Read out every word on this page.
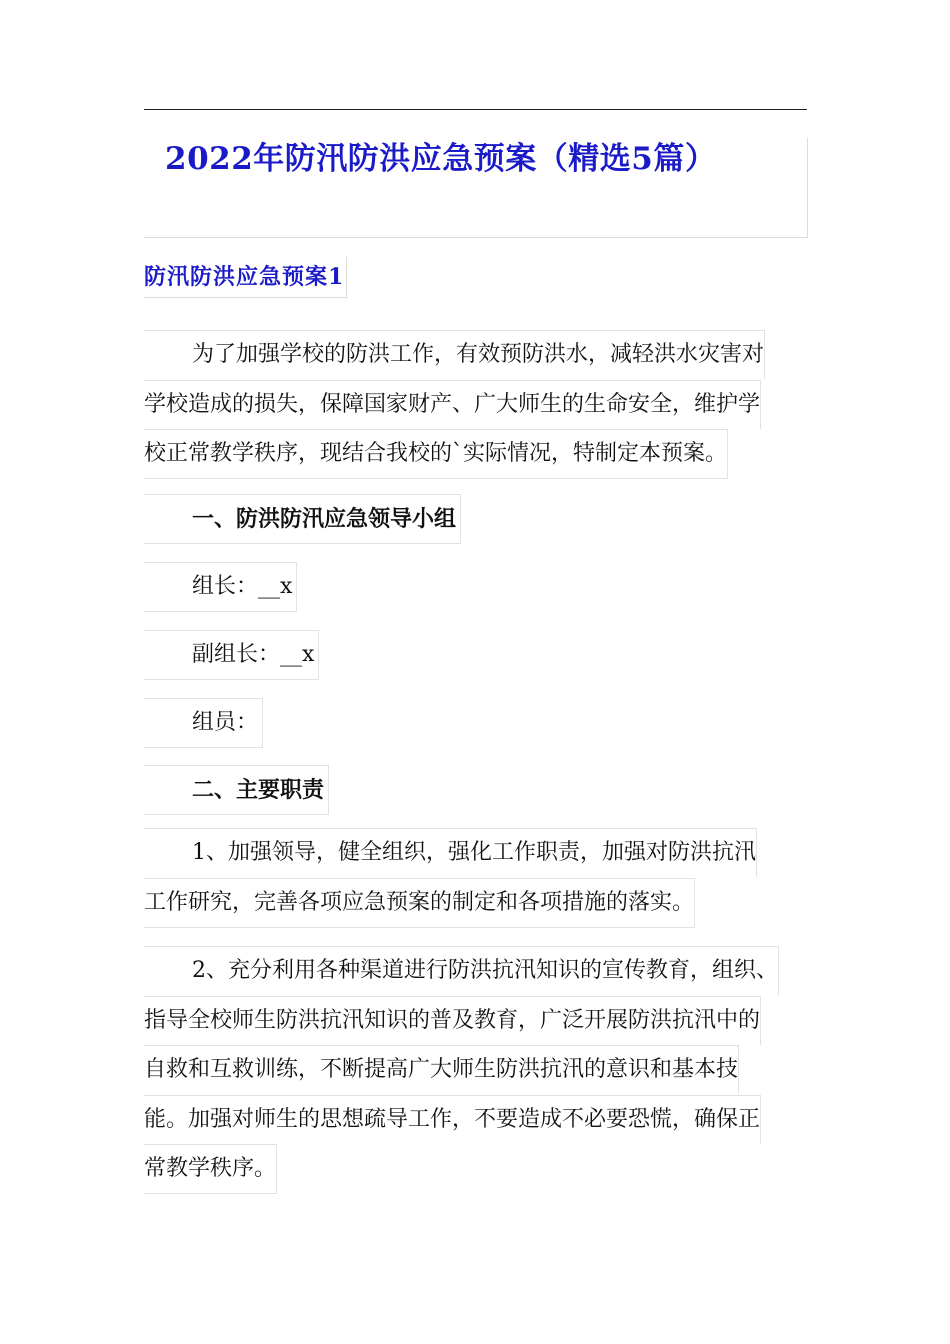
2022年防汛防洪应急预案（精选5篇）
防汛防洪应急预案1
为了加强学校的防洪工作，有效预防洪水，减轻洪水灾害对
学校造成的损失，保障国家财产、广大师生的生命安全，维护学
校正常教学秩序，现结合我校的`实际情况，特制定本预案。
一、防洪防汛应急领导小组
组长：__x
副组长：__x
组员：
二、主要职责
1、加强领导，健全组织，强化工作职责，加强对防洪抗汛
工作研究，完善各项应急预案的制定和各项措施的落实。
2、充分利用各种渠道进行防洪抗汛知识的宣传教育，组织、
指导全校师生防洪抗汛知识的普及教育，广泛开展防洪抗汛中的
自救和互救训练，不断提高广大师生防洪抗汛的意识和基本技
能。加强对师生的思想疏导工作，不要造成不必要恐慌，确保正
常教学秩序。
